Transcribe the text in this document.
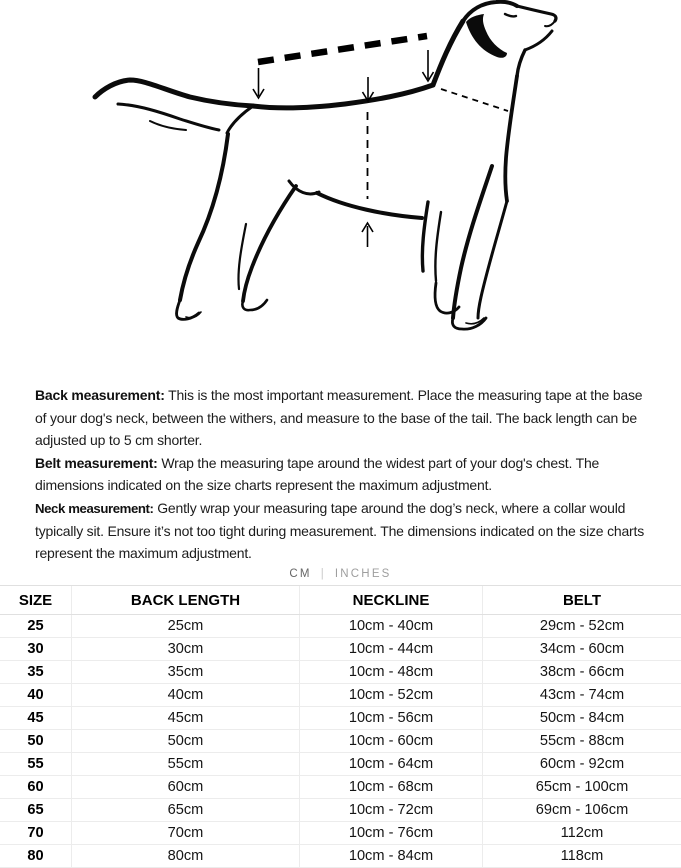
Back measurement: This is the most important measurement. Place the measuring tape at the base
of your dog's neck, between the withers, and measure to the base of the tail. The back length can be
adjusted up to 5 cm shorter.
Belt measurement: Wrap the measuring tape around the widest part of your dog's chest. The
dimensions indicated on the size charts represent the maximum adjustment.
Neck measurement: Gently wrap your measuring tape around the dog’s neck, where a collar would
typically sit. Ensure it’s not too tight during measurement. The dimensions indicated on the size charts
represent the maximum adjustment.
CM | INCHES
SIZE	BACK LENGTH	NECKLINE	BELT
25	25cm	10cm - 40cm	29cm - 52cm
30	30cm	10cm - 44cm	34cm - 60cm
35	35cm	10cm - 48cm	38cm - 66cm
40	40cm	10cm - 52cm	43cm - 74cm
45	45cm	10cm - 56cm	50cm - 84cm
50	50cm	10cm - 60cm	55cm - 88cm
55	55cm	10cm - 64cm	60cm - 92cm
60	60cm	10cm - 68cm	65cm - 100cm
65	65cm	10cm - 72cm	69cm - 106cm
70	70cm	10cm - 76cm	112cm
80	80cm	10cm - 84cm	118cm
